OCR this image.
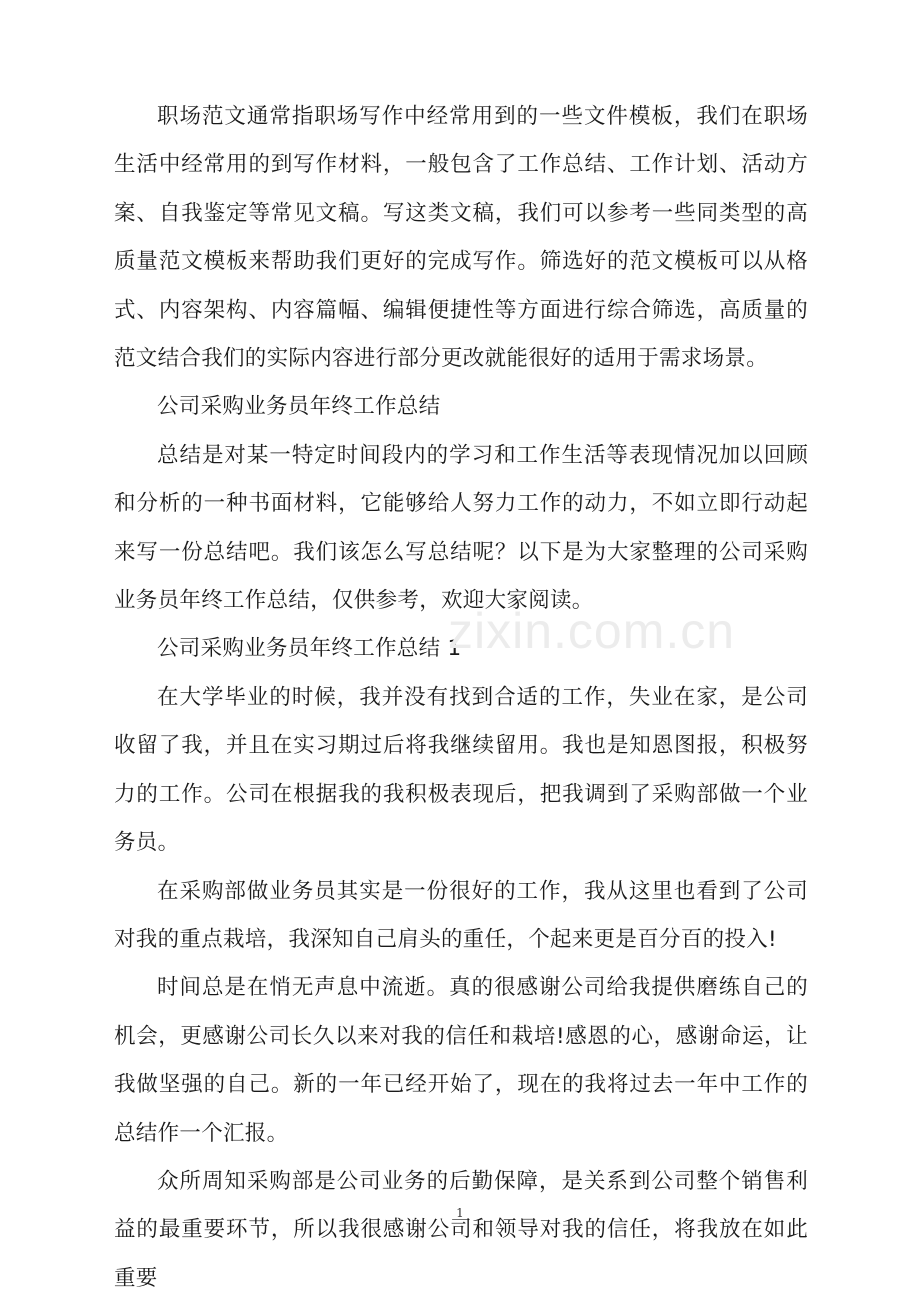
职场范文通常指职场写作中经常用到的一些文件模板，我们在职场生活中经常用的到写作材料，一般包含了工作总结、工作计划、活动方案、自我鉴定等常见文稿。写这类文稿，我们可以参考一些同类型的高质量范文模板来帮助我们更好的完成写作。筛选好的范文模板可以从格式、内容架构、内容篇幅、编辑便捷性等方面进行综合筛选，高质量的范文结合我们的实际内容进行部分更改就能很好的适用于需求场景。

公司采购业务员年终工作总结

总结是对某一特定时间段内的学习和工作生活等表现情况加以回顾和分析的一种书面材料，它能够给人努力工作的动力，不如立即行动起来写一份总结吧。我们该怎么写总结呢？以下是为大家整理的公司采购业务员年终工作总结，仅供参考，欢迎大家阅读。

公司采购业务员年终工作总结 1

在大学毕业的时候，我并没有找到合适的工作，失业在家，是公司收留了我，并且在实习期过后将我继续留用。我也是知恩图报，积极努力的工作。公司在根据我的我积极表现后，把我调到了采购部做一个业务员。

在采购部做业务员其实是一份很好的工作，我从这里也看到了公司对我的重点栽培，我深知自己肩头的重任，个起来更是百分百的投入!

时间总是在悄无声息中流逝。真的很感谢公司给我提供磨练自己的机会，更感谢公司长久以来对我的信任和栽培!感恩的心，感谢命运，让我做坚强的自己。新的一年已经开始了，现在的我将过去一年中工作的总结作一个汇报。

众所周知采购部是公司业务的后勤保障，是关系到公司整个销售利益的最重要环节，所以我很感谢公司和领导对我的信任，将我放在如此重要

zixin.com.cn
1
